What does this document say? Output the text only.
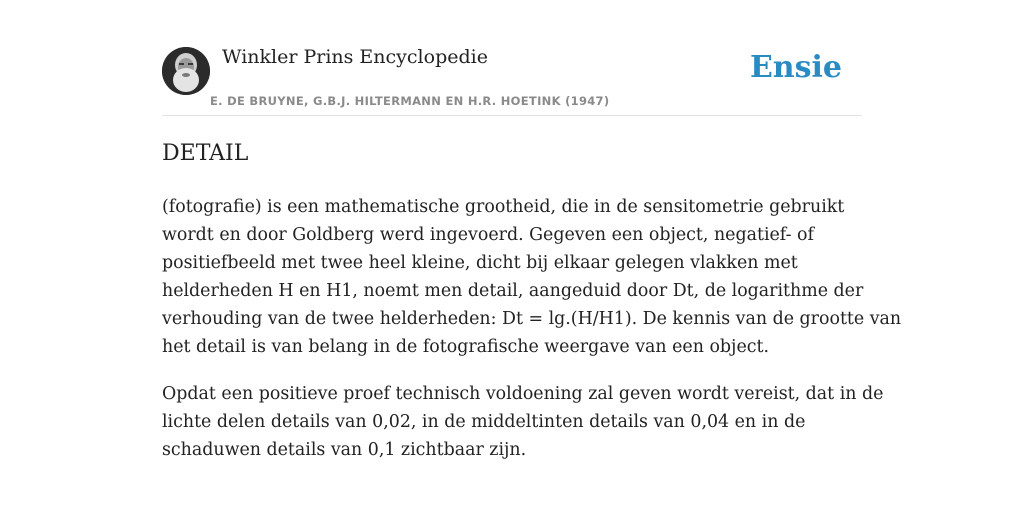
Winkler Prins Encyclopedie
E. DE BRUYNE, G.B.J. HILTERMANN EN H.R. HOETINK (1947)
Ensie
DETAIL

(fotografie) is een mathematische grootheid, die in de sensitometrie gebruikt
wordt en door Goldberg werd ingevoerd. Gegeven een object, negatief- of
positiefbeeld met twee heel kleine, dicht bij elkaar gelegen vlakken met
helderheden H en H1, noemt men detail, aangeduid door Dt, de logarithme der
verhouding van de twee helderheden: Dt = lg.(H/H1). De kennis van de grootte van
het detail is van belang in de fotografische weergave van een object.

Opdat een positieve proef technisch voldoening zal geven wordt vereist, dat in de
lichte delen details van 0,02, in de middeltinten details van 0,04 en in de
schaduwen details van 0,1 zichtbaar zijn.
